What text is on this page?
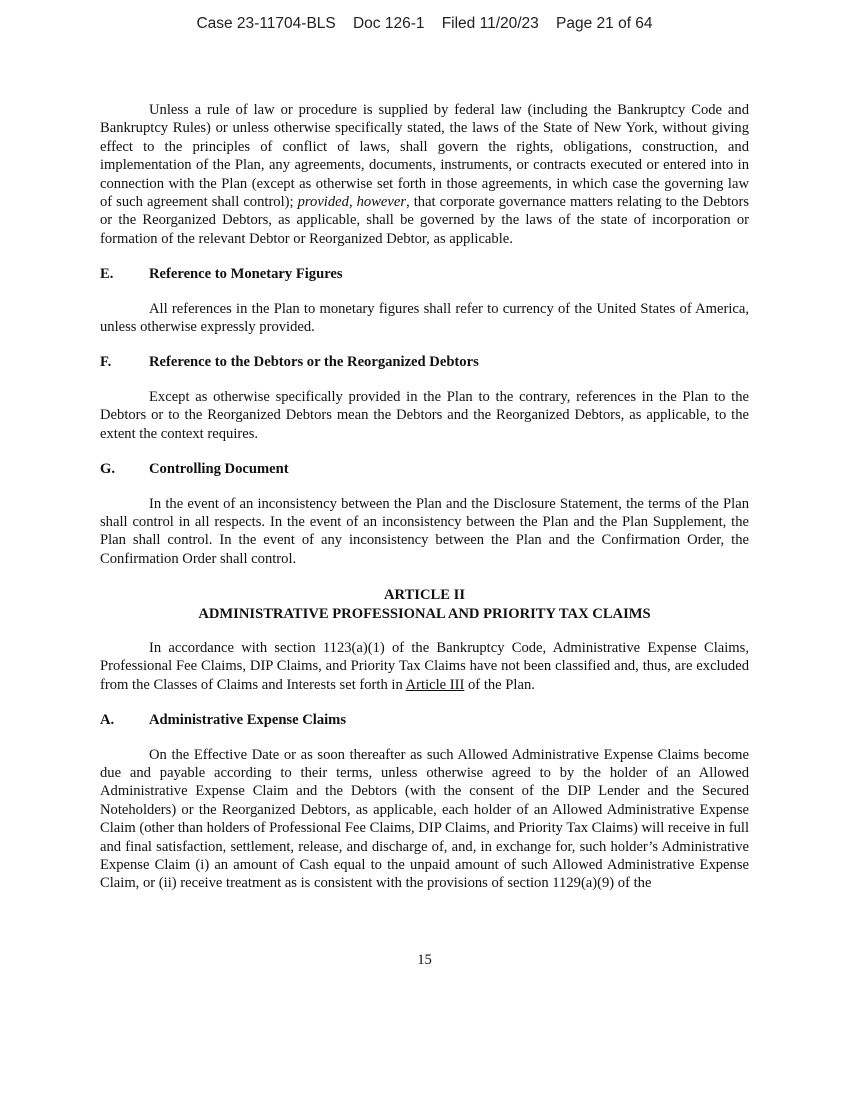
Case 23-11704-BLS    Doc 126-1    Filed 11/20/23    Page 21 of 64

Unless a rule of law or procedure is supplied by federal law (including the Bankruptcy Code and Bankruptcy Rules) or unless otherwise specifically stated, the laws of the State of New York, without giving effect to the principles of conflict of laws, shall govern the rights, obligations, construction, and implementation of the Plan, any agreements, documents, instruments, or contracts executed or entered into in connection with the Plan (except as otherwise set forth in those agreements, in which case the governing law of such agreement shall control); provided, however, that corporate governance matters relating to the Debtors or the Reorganized Debtors, as applicable, shall be governed by the laws of the state of incorporation or formation of the relevant Debtor or Reorganized Debtor, as applicable.

E. Reference to Monetary Figures

All references in the Plan to monetary figures shall refer to currency of the United States of America, unless otherwise expressly provided.

F.	Reference to the Debtors or the Reorganized Debtors

Except as otherwise specifically provided in the Plan to the contrary, references in the Plan to the Debtors or to the Reorganized Debtors mean the Debtors and the Reorganized Debtors, as applicable, to the extent the context requires.

G. Controlling Document

In the event of an inconsistency between the Plan and the Disclosure Statement, the terms of the Plan shall control in all respects. In the event of an inconsistency between the Plan and the Plan Supplement, the Plan shall control. In the event of any inconsistency between the Plan and the Confirmation Order, the Confirmation Order shall control.

ARTICLE II

ADMINISTRATIVE PROFESSIONAL AND PRIORITY TAX CLAIMS

In accordance with section 1123(a)(1) of the Bankruptcy Code, Administrative Expense Claims, Professional Fee Claims, DIP Claims, and Priority Tax Claims have not been classified and, thus, are excluded from the Classes of Claims and Interests set forth in Article III of the Plan.

A. Administrative Expense Claims

On the Effective Date or as soon thereafter as such Allowed Administrative Expense Claims become due and payable according to their terms, unless otherwise agreed to by the holder of an Allowed Administrative Expense Claim and the Debtors (with the consent of the DIP Lender and the Secured Noteholders) or the Reorganized Debtors, as applicable, each holder of an Allowed Administrative Expense Claim (other than holders of Professional Fee Claims, DIP Claims, and Priority Tax Claims) will receive in full and final satisfaction, settlement, release, and discharge of, and, in exchange for, such holder’s Administrative Expense Claim (i) an amount of Cash equal to the unpaid amount of such Allowed Administrative Expense Claim, or (ii) receive treatment as is consistent with the provisions of section 1129(a)(9) of the

15
